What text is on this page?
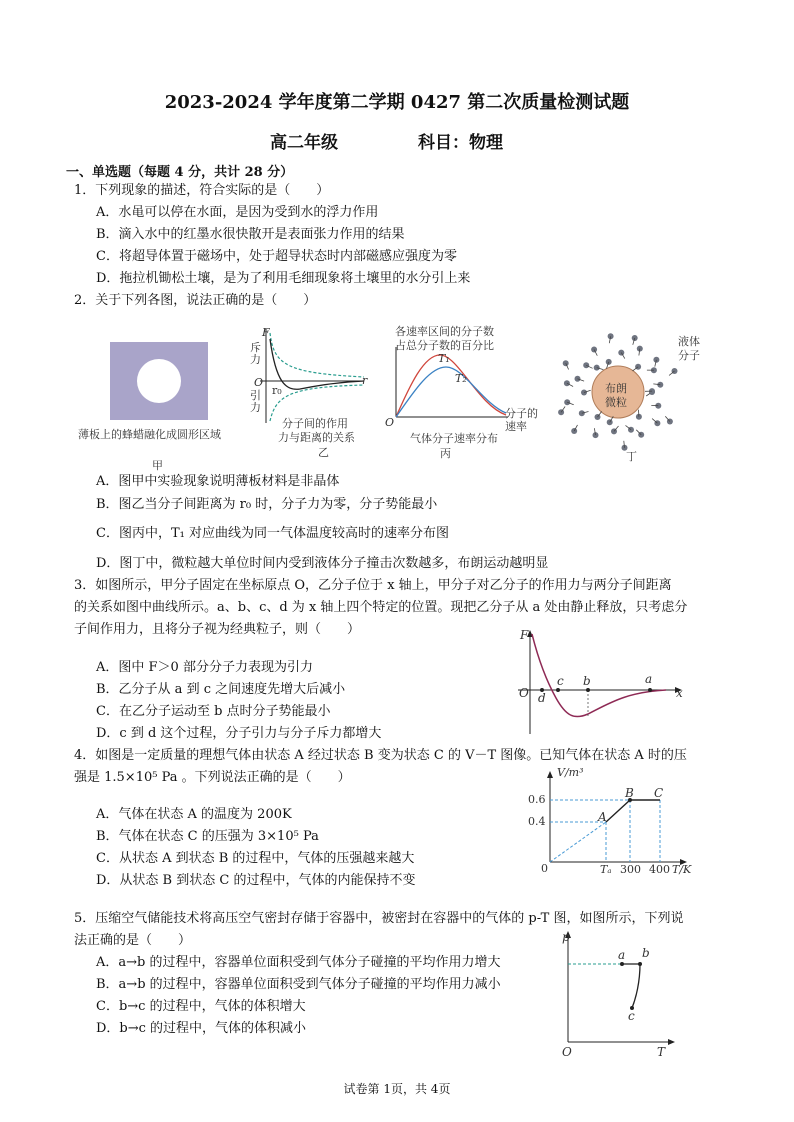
2023-2024 学年度第二学期 0427 第二次质量检测试题
高二年级	科目：物理
一、单选题（每题 4 分，共计 28 分）
1．下列现象的描述，符合实际的是（　　）
A．水黾可以停在水面，是因为受到水的浮力作用
B．滴入水中的红墨水很快散开是表面张力作用的结果
C．将超导体置于磁场中，处于超导状态时内部磁感应强度为零
D．拖拉机锄松土壤，是为了利用毛细现象将土壤里的水分引上来
2．关于下列各图，说法正确的是（　　）
薄板上的蜂蜡融化成圆形区域
甲
F
斥力
O
引力
r₀
r
分子间的作用
力与距离的关系
乙
各速率区间的分子数
占总分子数的百分比
T₁
T₂
O
分子的
速率
气体分子速率分布
丙
布朗
微粒
液体
分子
丁
A．图甲中实验现象说明薄板材料是非晶体
B．图乙当分子间距离为 r₀ 时，分子力为零，分子势能最小
C．图丙中，T₁ 对应曲线为同一气体温度较高时的速率分布图
D．图丁中，微粒越大单位时间内受到液体分子撞击次数越多，布朗运动越明显
3．如图所示，甲分子固定在坐标原点 O，乙分子位于 x 轴上，甲分子对乙分子的作用力与两分子间距离
的关系如图中曲线所示。a、b、c、d 为 x 轴上四个特定的位置。现把乙分子从 a 处由静止释放，只考虑分
子间作用力，且将分子视为经典粒子，则（　　）
A．图中 F＞0 部分分子力表现为引力
B．乙分子从 a 到 c 之间速度先增大后减小
C．在乙分子运动至 b 点时分子势能最小
D．c 到 d 这个过程，分子引力与分子斥力都增大
F
O d
c b	a
x
4．如图是一定质量的理想气体由状态 A 经过状态 B 变为状态 C 的 V－T 图像。已知气体在状态 A 时的压
强是 1.5×10⁵ Pa 。下列说法正确的是（　　）
A．气体在状态 A 的温度为 200K
B．气体在状态 C 的压强为 3×10⁵ Pa
C．从状态 A 到状态 B 的过程中，气体的压强越来越大
D．从状态 B 到状态 C 的过程中，气体的内能保持不变
V/m³
0.6
0.4
0	Tₐ 300 400 T/K
A
B C
5．压缩空气储能技术将高压空气密封存储于容器中，被密封在容器中的气体的 p-T 图，如图所示，下列说
法正确的是（　　）
A．a→b 的过程中，容器单位面积受到气体分子碰撞的平均作用力增大
B．a→b 的过程中，容器单位面积受到气体分子碰撞的平均作用力减小
C．b→c 的过程中，气体的体积增大
D．b→c 的过程中，气体的体积减小
p
a b
c
O	T
试卷第 1页，共 4页
